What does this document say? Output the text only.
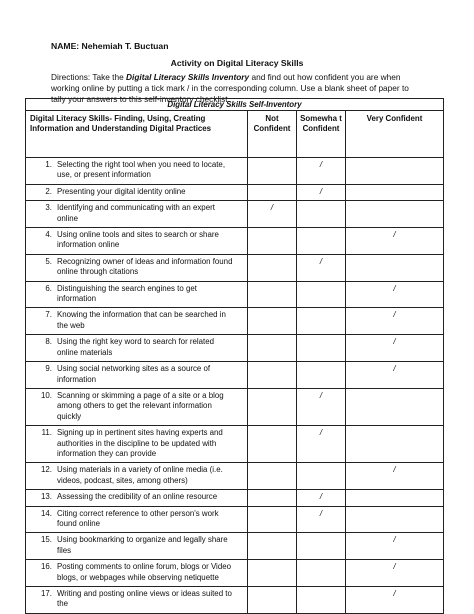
NAME: Nehemiah T. Buctuan
Activity on Digital Literacy Skills
Directions: Take the Digital Literacy Skills Inventory and find out how confident you are when working online by putting a tick mark / in the corresponding column. Use a blank sheet of paper to tally your answers to this self-inventory checklist.
Digital Literacy Skills Self-Inventory			
Digital Literacy Skills- Finding, Using, Creating Information and Understanding Digital Practices	Not Confident	Somewha t Confident	Very Confident
1. Selecting the right tool when you need to locate, use, or present information		/	
2. Presenting your digital identity online		/	
3. Identifying and communicating with an expert online	/		
4. Using online tools and sites to search or share information online			/
5. Recognizing owner of ideas and information found online through citations		/	
6. Distinguishing the search engines to get information			/
7. Knowing the information that can be searched in the web			/
8. Using the right key word to search for related online materials			/
9. Using social networking sites as a source of information			/
10. Scanning or skimming a page of a site or a blog among others to get the relevant information quickly		/	
11. Signing up in pertinent sites having experts and authorities in the discipline to be updated with information they can provide		/	
12. Using materials in a variety of online media (i.e. videos, podcast, sites, among others)			/
13. Assessing the credibility of an online resource		/	
14. Citing correct reference to other person's work found online		/	
15. Using bookmarking to organize and legally share files			/
16. Posting comments to online forum, blogs or Video blogs, or webpages while observing netiquette			/
17. Writing and posting online views or ideas suited to the			/
